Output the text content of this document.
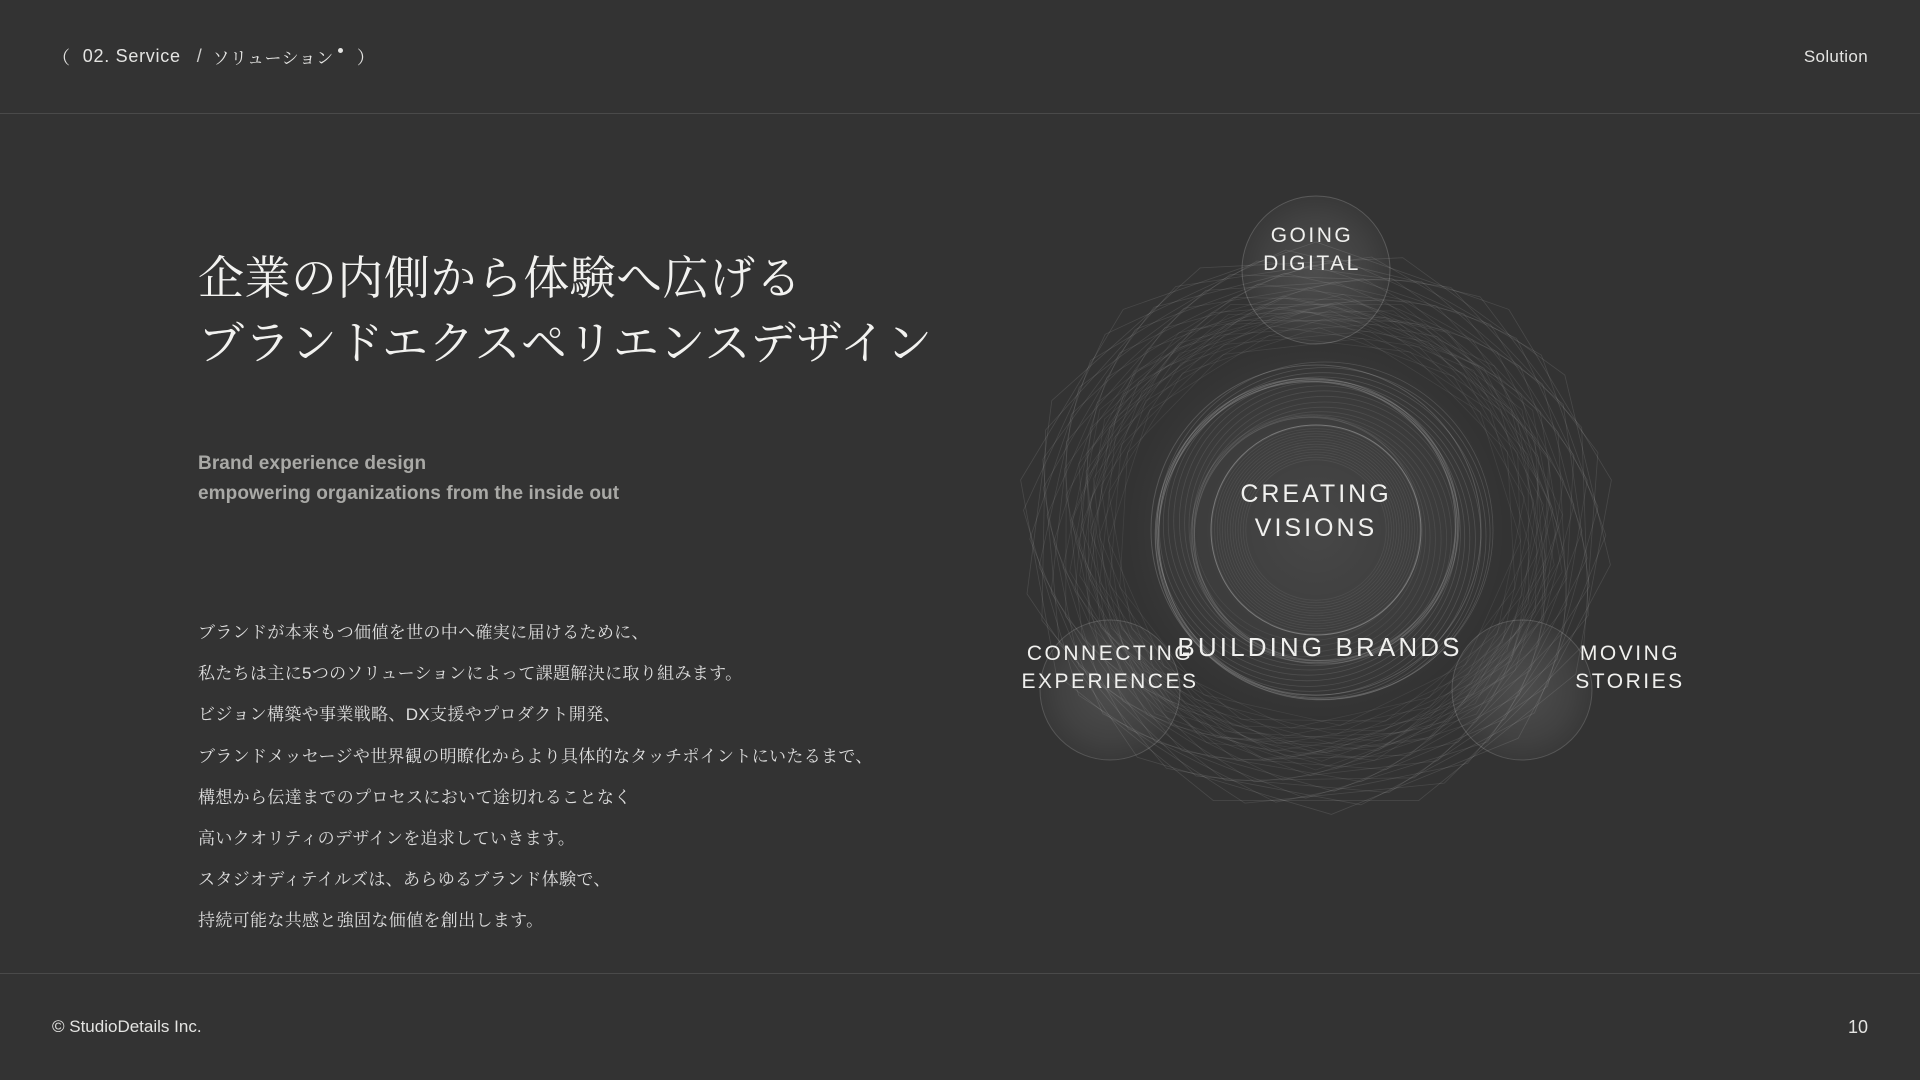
（ 02. Service / ソリューション ）	Solution
企業の内側から体験へ広げる
ブランドエクスペリエンスデザイン
Brand experience design
empowering organizations from the inside out
ブランドが本来もつ価値を世の中へ確実に届けるために、
私たちは主に5つのソリューションによって課題解決に取り組みます。
ビジョン構築や事業戦略、DX支援やプロダクト開発、
ブランドメッセージや世界観の明瞭化からより具体的なタッチポイントにいたるまで、
構想から伝達までのプロセスにおいて途切れることなく
高いクオリティのデザインを追求していきます。
スタジオディテイルズは、あらゆるブランド体験で、
持続可能な共感と強固な価値を創出します。
GOING
DIGITAL
CREATING
VISIONS
BUILDING BRANDS
CONNECTING
EXPERIENCES
MOVING
STORIES
© StudioDetails Inc.	10
